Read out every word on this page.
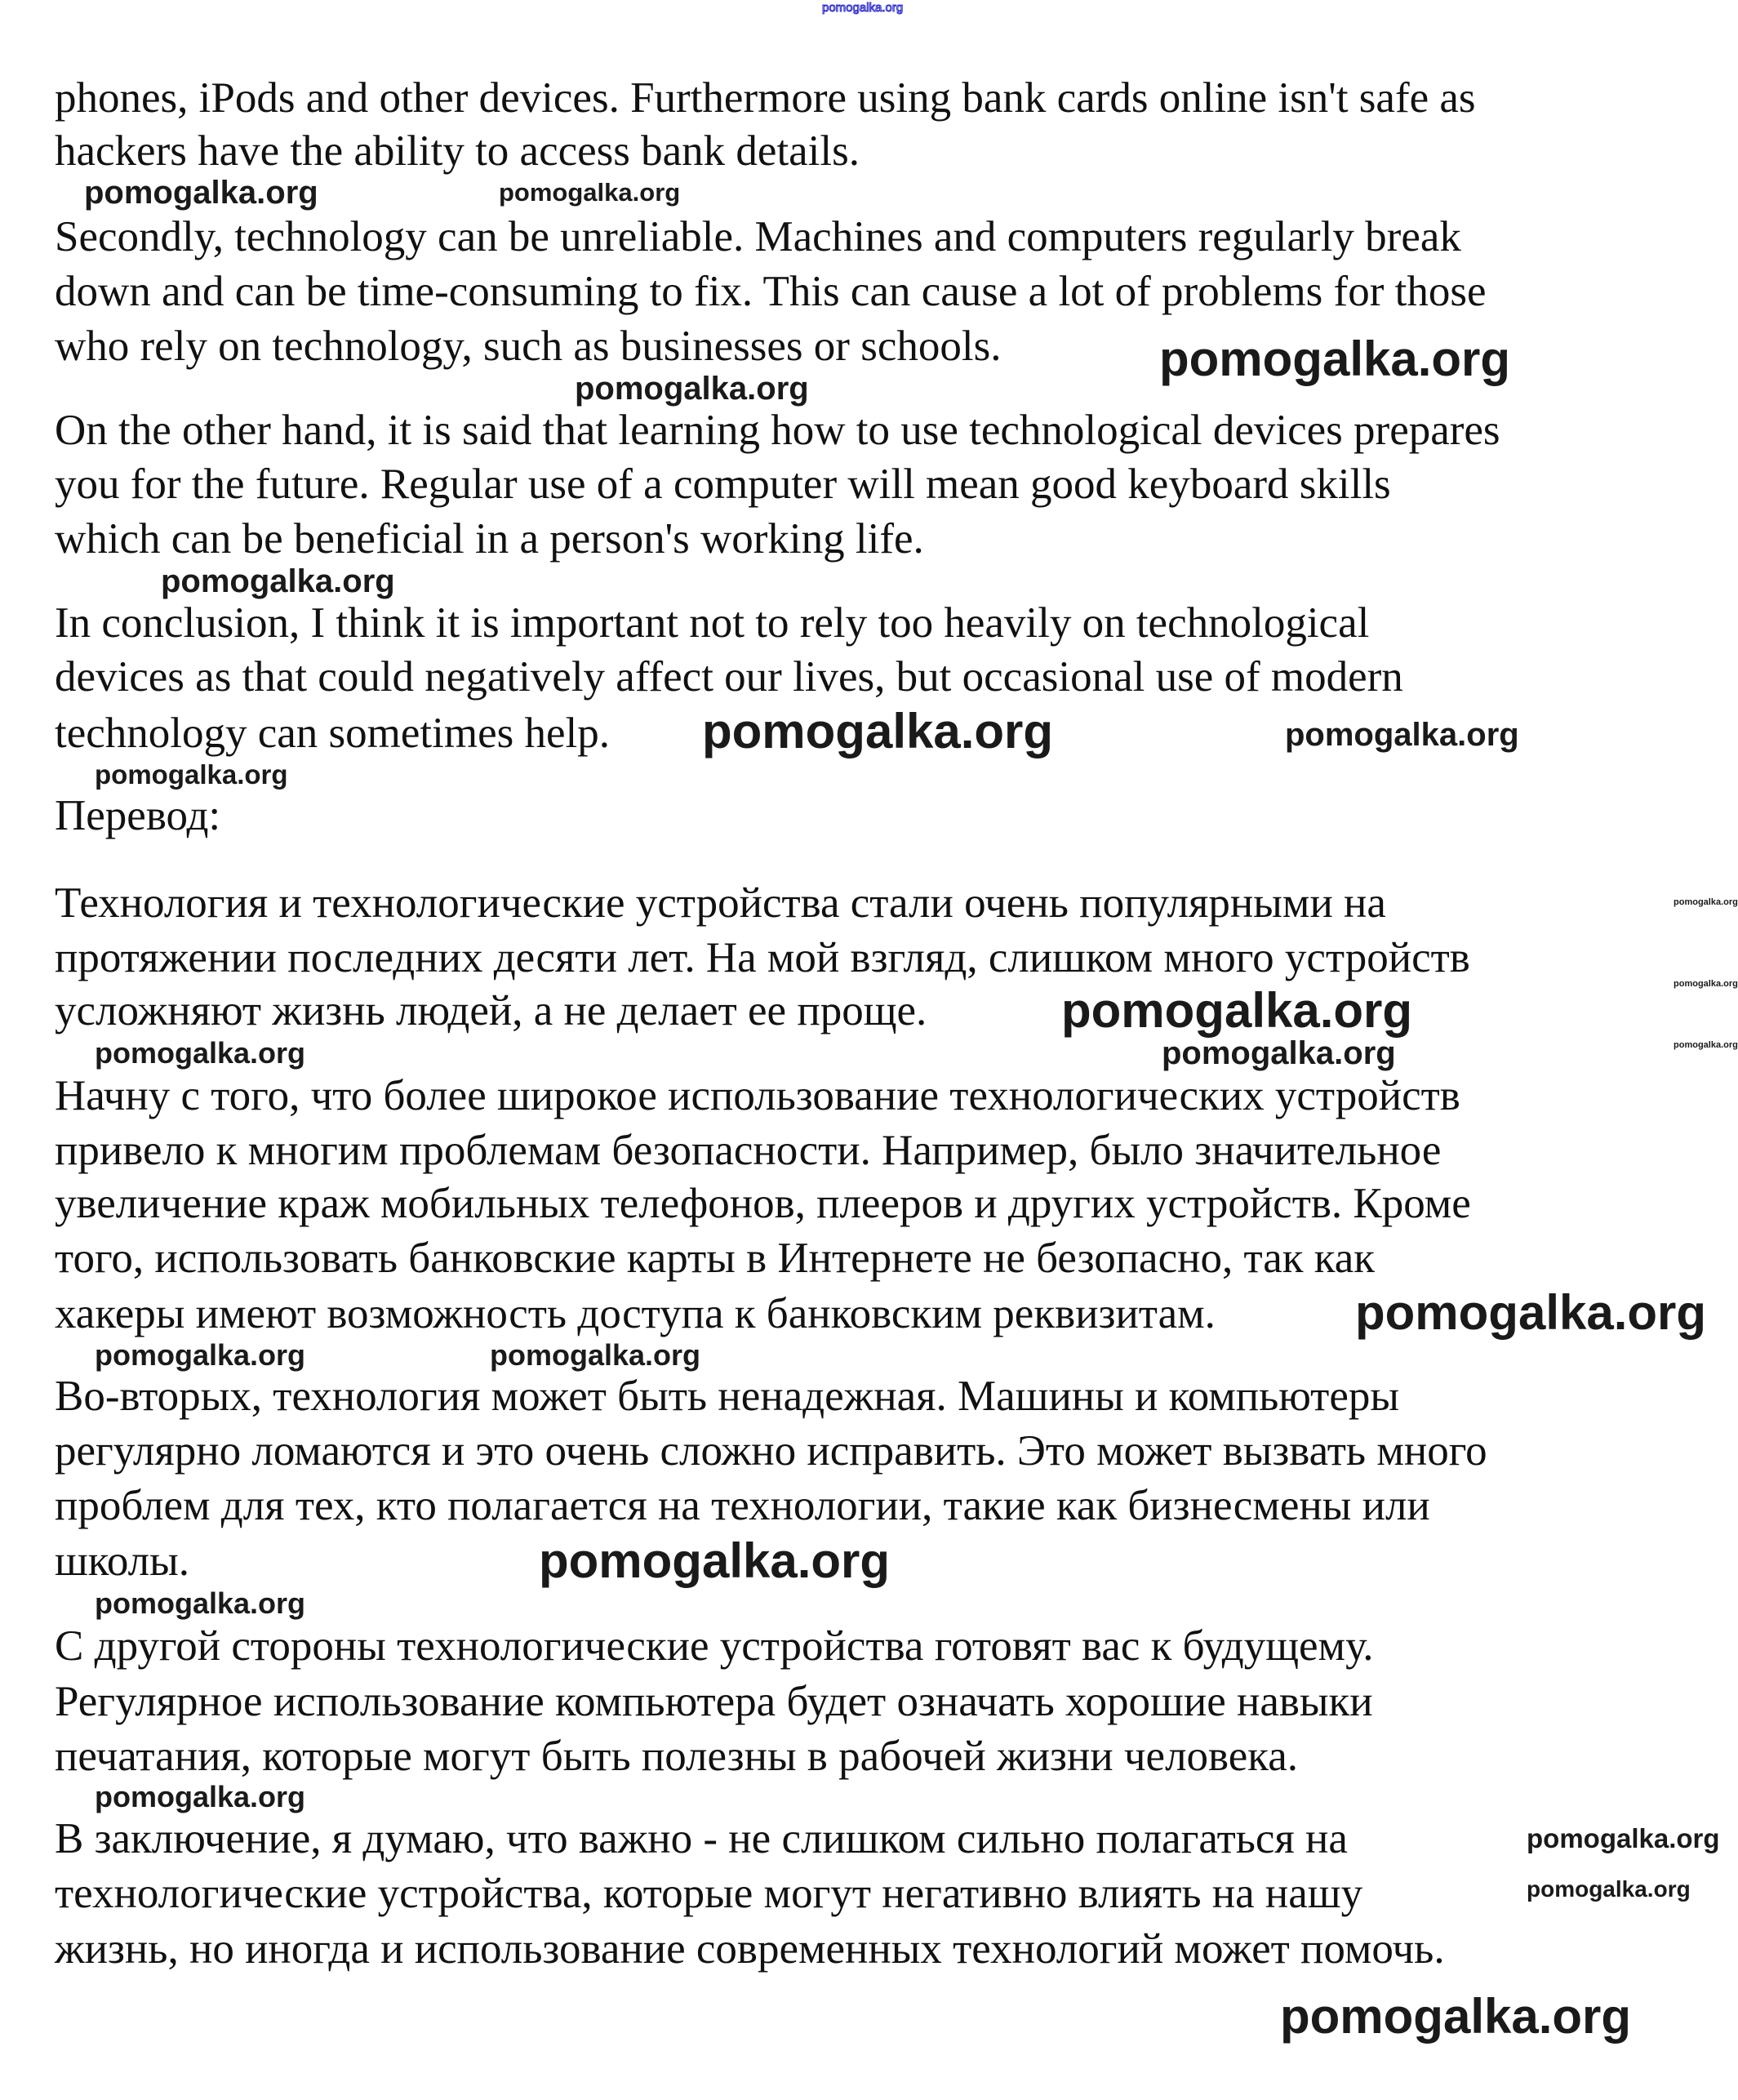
phones, iPods and other devices. Furthermore using bank cards online isn't safe as
hackers have the ability to access bank details.
Secondly, technology can be unreliable. Machines and computers regularly break
down and can be time-consuming to fix. This can cause a lot of problems for those
who rely on technology, such as businesses or schools.
On the other hand, it is said that learning how to use technological devices prepares
you for the future. Regular use of a computer will mean good keyboard skills
which can be beneficial in a person's working life.
In conclusion, I think it is important not to rely too heavily on technological
devices as that could negatively affect our lives, but occasional use of modern
technology can sometimes help.
Перевод:
Технология и технологические устройства стали очень популярными на
протяжении последних десяти лет. На мой взгляд, слишком много устройств
усложняют жизнь людей, а не делает ее проще.
Начну с того, что более широкое использование технологических устройств
привело к многим проблемам безопасности. Например, было значительное
увеличение краж мобильных телефонов, плееров и других устройств. Кроме
того, использовать банковские карты в Интернете не безопасно, так как
хакеры имеют возможность доступа к банковским реквизитам.
Во-вторых, технология может быть ненадежная. Машины и компьютеры
регулярно ломаются и это очень сложно исправить. Это может вызвать много
проблем для тех, кто полагается на технологии, такие как бизнесмены или
школы.
С другой стороны технологические устройства готовят вас к будущему.
Регулярное использование компьютера будет означать хорошие навыки
печатания, которые могут быть полезны в рабочей жизни человека.
В заключение, я думаю, что важно - не слишком сильно полагаться на
технологические устройства, которые могут негативно влиять на нашу
жизнь, но иногда и использование современных технологий может помочь.
pomogalka.org
pomogalka.org	pomogalka.org
pomogalka.org
pomogalka.org
pomogalka.org
pomogalka.org
pomogalka.org
pomogalka.org
pomogalka.org
pomogalka.org
pomogalka.org
pomogalka.org
pomogalka.org
pomogalka.org
pomogalka.org
pomogalka.org
pomogalka.org
pomogalka.org
pomogalka.org
pomogalka.org
pomogalka.org
pomogalka.org
pomogalka.org
